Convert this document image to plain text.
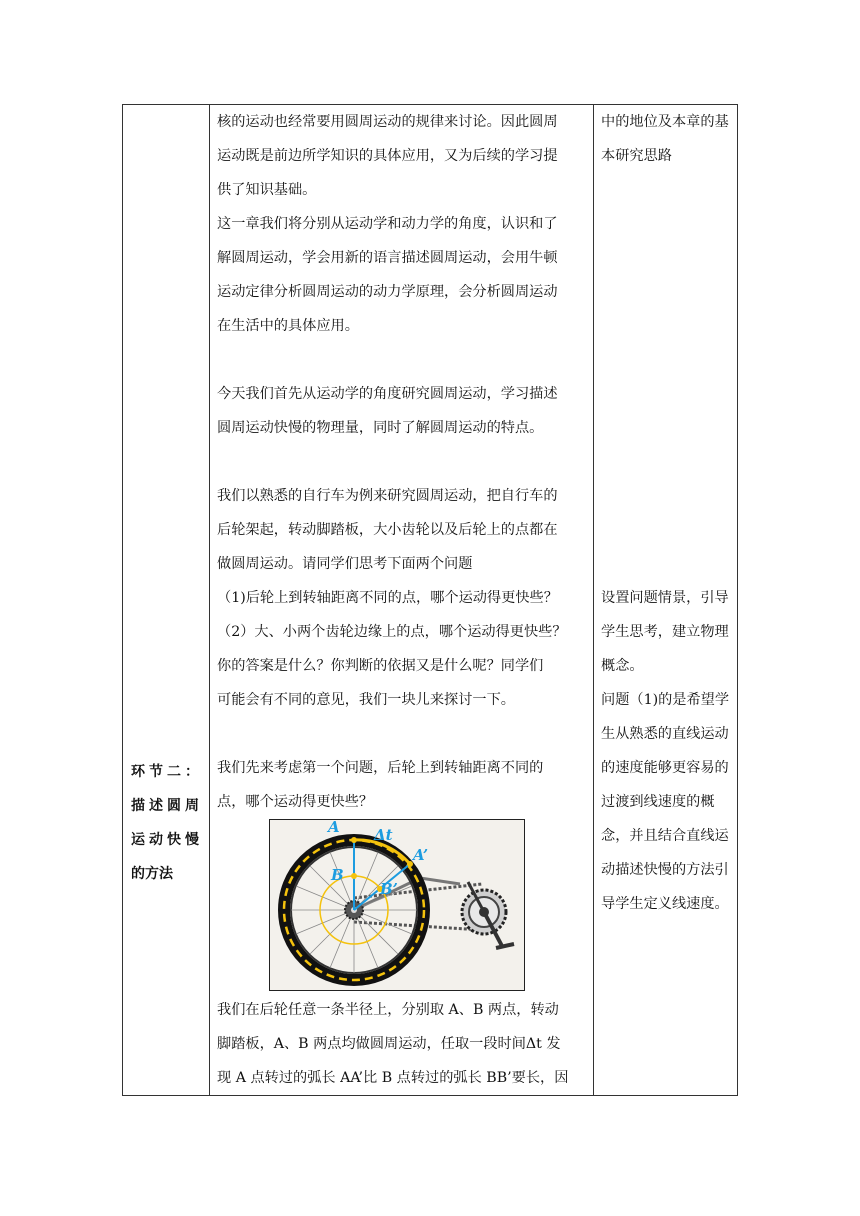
环节二：
描述圆周
运动快慢
的方法
核的运动也经常要用圆周运动的规律来讨论。因此圆周
运动既是前边所学知识的具体应用，又为后续的学习提
供了知识基础。
这一章我们将分别从运动学和动力学的角度，认识和了
解圆周运动，学会用新的语言描述圆周运动，会用牛顿
运动定律分析圆周运动的动力学原理，会分析圆周运动
在生活中的具体应用。
今天我们首先从运动学的角度研究圆周运动，学习描述
圆周运动快慢的物理量，同时了解圆周运动的特点。
我们以熟悉的自行车为例来研究圆周运动，把自行车的
后轮架起，转动脚踏板，大小齿轮以及后轮上的点都在
做圆周运动。请同学们思考下面两个问题
（1)后轮上到转轴距离不同的点，哪个运动得更快些？
（2）大、小两个齿轮边缘上的点，哪个运动得更快些？
你的答案是什么？你判断的依据又是什么呢？同学们
可能会有不同的意见，我们一块儿来探讨一下。
我们先来考虑第一个问题，后轮上到转轴距离不同的
点，哪个运动得更快些？
A Δt
A’
B
B’
我们在后轮任意一条半径上，分别取 A、B 两点，转动
脚踏板，A、B 两点均做圆周运动，任取一段时间Δt 发
现 A 点转过的弧长 AA’比 B 点转过的弧长 BB’要长，因
中的地位及本章的基
本研究思路
设置问题情景，引导
学生思考，建立物理
概念。
问题（1)的是希望学
生从熟悉的直线运动
的速度能够更容易的
过渡到线速度的概
念，并且结合直线运
动描述快慢的方法引
导学生定义线速度。
